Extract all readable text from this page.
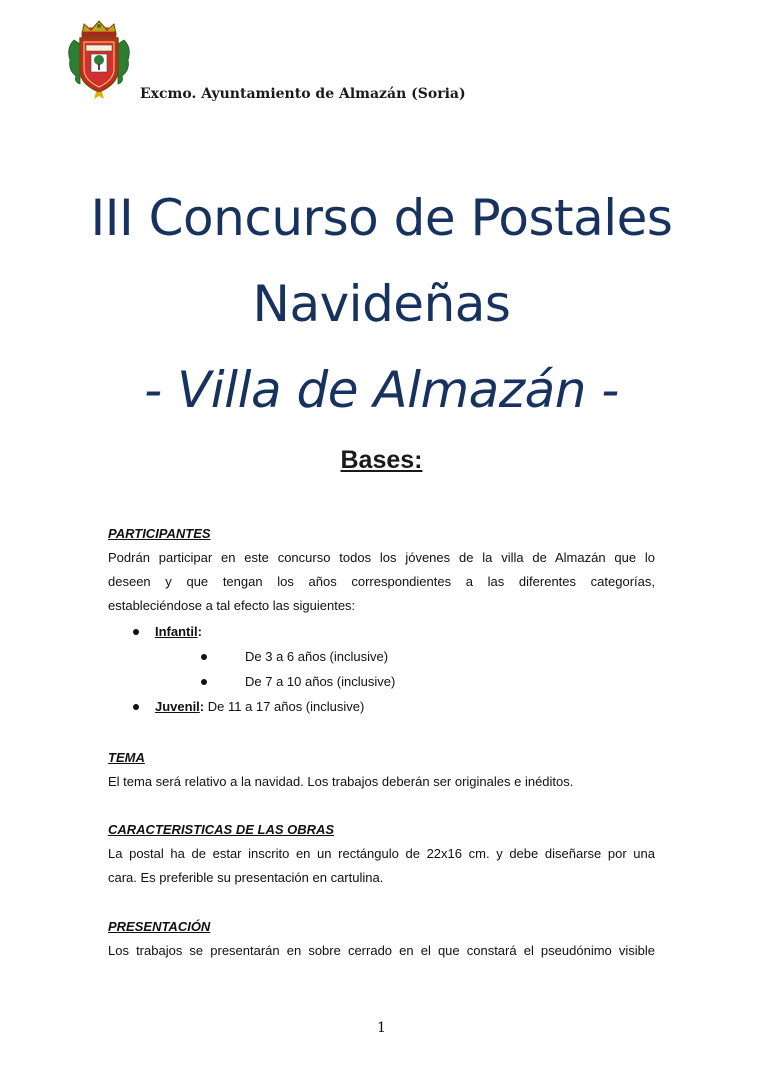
Excmo. Ayuntamiento de Almazán (Soria)
III Concurso de Postales
Navideñas
- Villa de Almazán -
Bases:
PARTICIPANTES
Podrán participar en este concurso todos los jóvenes de la villa de Almazán que lo
deseen y que tengan los años correspondientes a las diferentes categorías,
estableciéndose a tal efecto las siguientes:
Infantil:
De 3 a 6 años (inclusive)
De 7 a 10 años (inclusive)
Juvenil: De 11 a 17 años (inclusive)
TEMA
El tema será relativo a la navidad. Los trabajos deberán ser originales e inéditos.
CARACTERISTICAS DE LAS OBRAS
La postal ha de estar inscrito en un rectángulo de 22x16 cm. y debe diseñarse por una
cara. Es preferible su presentación en cartulina.
PRESENTACIÓN
Los trabajos se presentarán en sobre cerrado en el que constará el pseudónimo visible
1
